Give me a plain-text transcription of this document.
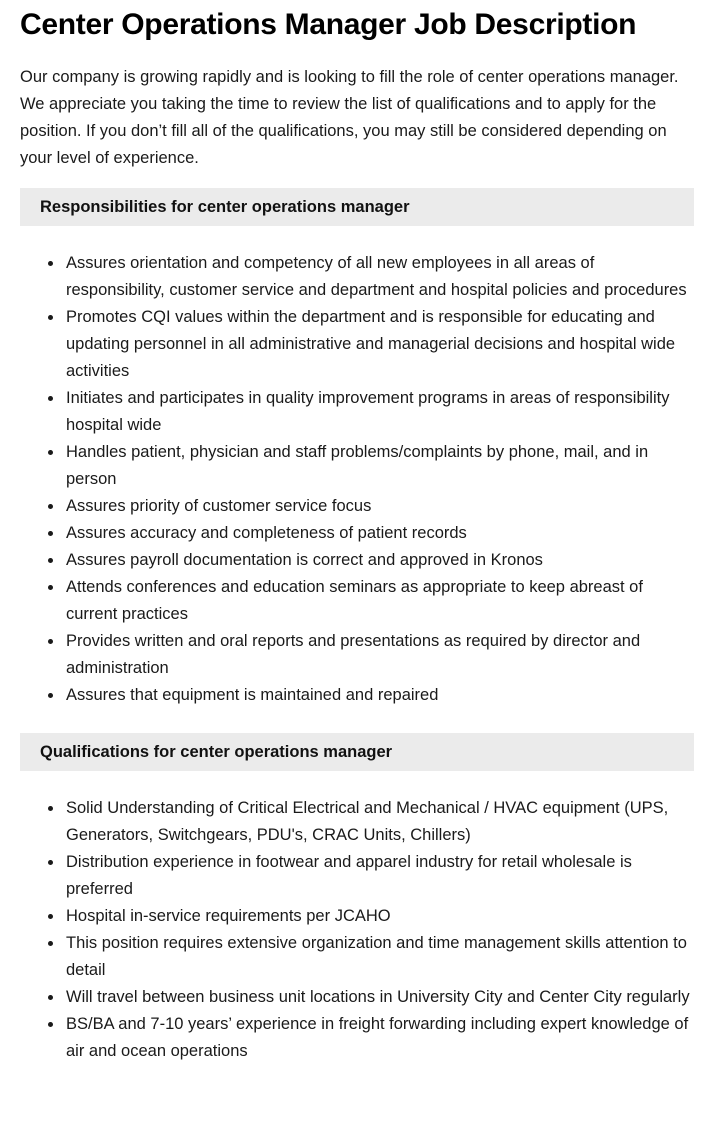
Center Operations Manager Job Description

Our company is growing rapidly and is looking to fill the role of center operations manager. We appreciate you taking the time to review the list of qualifications and to apply for the position. If you don’t fill all of the qualifications, you may still be considered depending on your level of experience.

Responsibilities for center operations manager
• Assures orientation and competency of all new employees in all areas of responsibility, customer service and department and hospital policies and procedures
• Promotes CQI values within the department and is responsible for educating and updating personnel in all administrative and managerial decisions and hospital wide activities
• Initiates and participates in quality improvement programs in areas of responsibility hospital wide
• Handles patient, physician and staff problems/complaints by phone, mail, and in person
• Assures priority of customer service focus
• Assures accuracy and completeness of patient records
• Assures payroll documentation is correct and approved in Kronos
• Attends conferences and education seminars as appropriate to keep abreast of current practices
• Provides written and oral reports and presentations as required by director and administration
• Assures that equipment is maintained and repaired
Qualifications for center operations manager
• Solid Understanding of Critical Electrical and Mechanical / HVAC equipment (UPS, Generators, Switchgears, PDU's, CRAC Units, Chillers)
• Distribution experience in footwear and apparel industry for retail wholesale is preferred
• Hospital in-service requirements per JCAHO
• This position requires extensive organization and time management skills attention to detail
• Will travel between business unit locations in University City and Center City regularly
• BS/BA and 7-10 years’ experience in freight forwarding including expert knowledge of air and ocean operations
